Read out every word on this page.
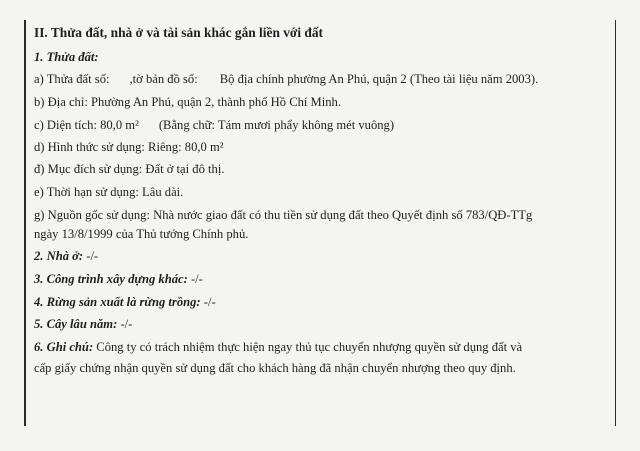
II. Thửa đất, nhà ở và tài sản khác gắn liền với đất
1. Thửa đất:
a) Thửa đất số: ,tờ bản đồ số: Bộ địa chính phường An Phú, quận 2 (Theo tài liệu năm 2003).
b) Địa chỉ: Phường An Phú, quận 2, thành phố Hồ Chí Minh.
c) Diện tích: 80,0 m² (Bằng chữ: Tám mươi phẩy không mét vuông)
d) Hình thức sử dụng: Riêng: 80,0 m²
đ) Mục đích sử dụng: Đất ở tại đô thị.
e) Thời hạn sử dụng: Lâu dài.
g) Nguồn gốc sử dụng: Nhà nước giao đất có thu tiền sử dụng đất theo Quyết định số 783/QĐ-TTg
ngày 13/8/1999 của Thủ tướng Chính phủ.
2. Nhà ở: -/-
3. Công trình xây dựng khác: -/-
4. Rừng sản xuất là rừng trồng: -/-
5. Cây lâu năm: -/-
6. Ghi chú: Công ty có trách nhiệm thực hiện ngay thủ tục chuyển nhượng quyền sử dụng đất và
cấp giấy chứng nhận quyền sử dụng đất cho khách hàng đã nhận chuyển nhượng theo quy định.
